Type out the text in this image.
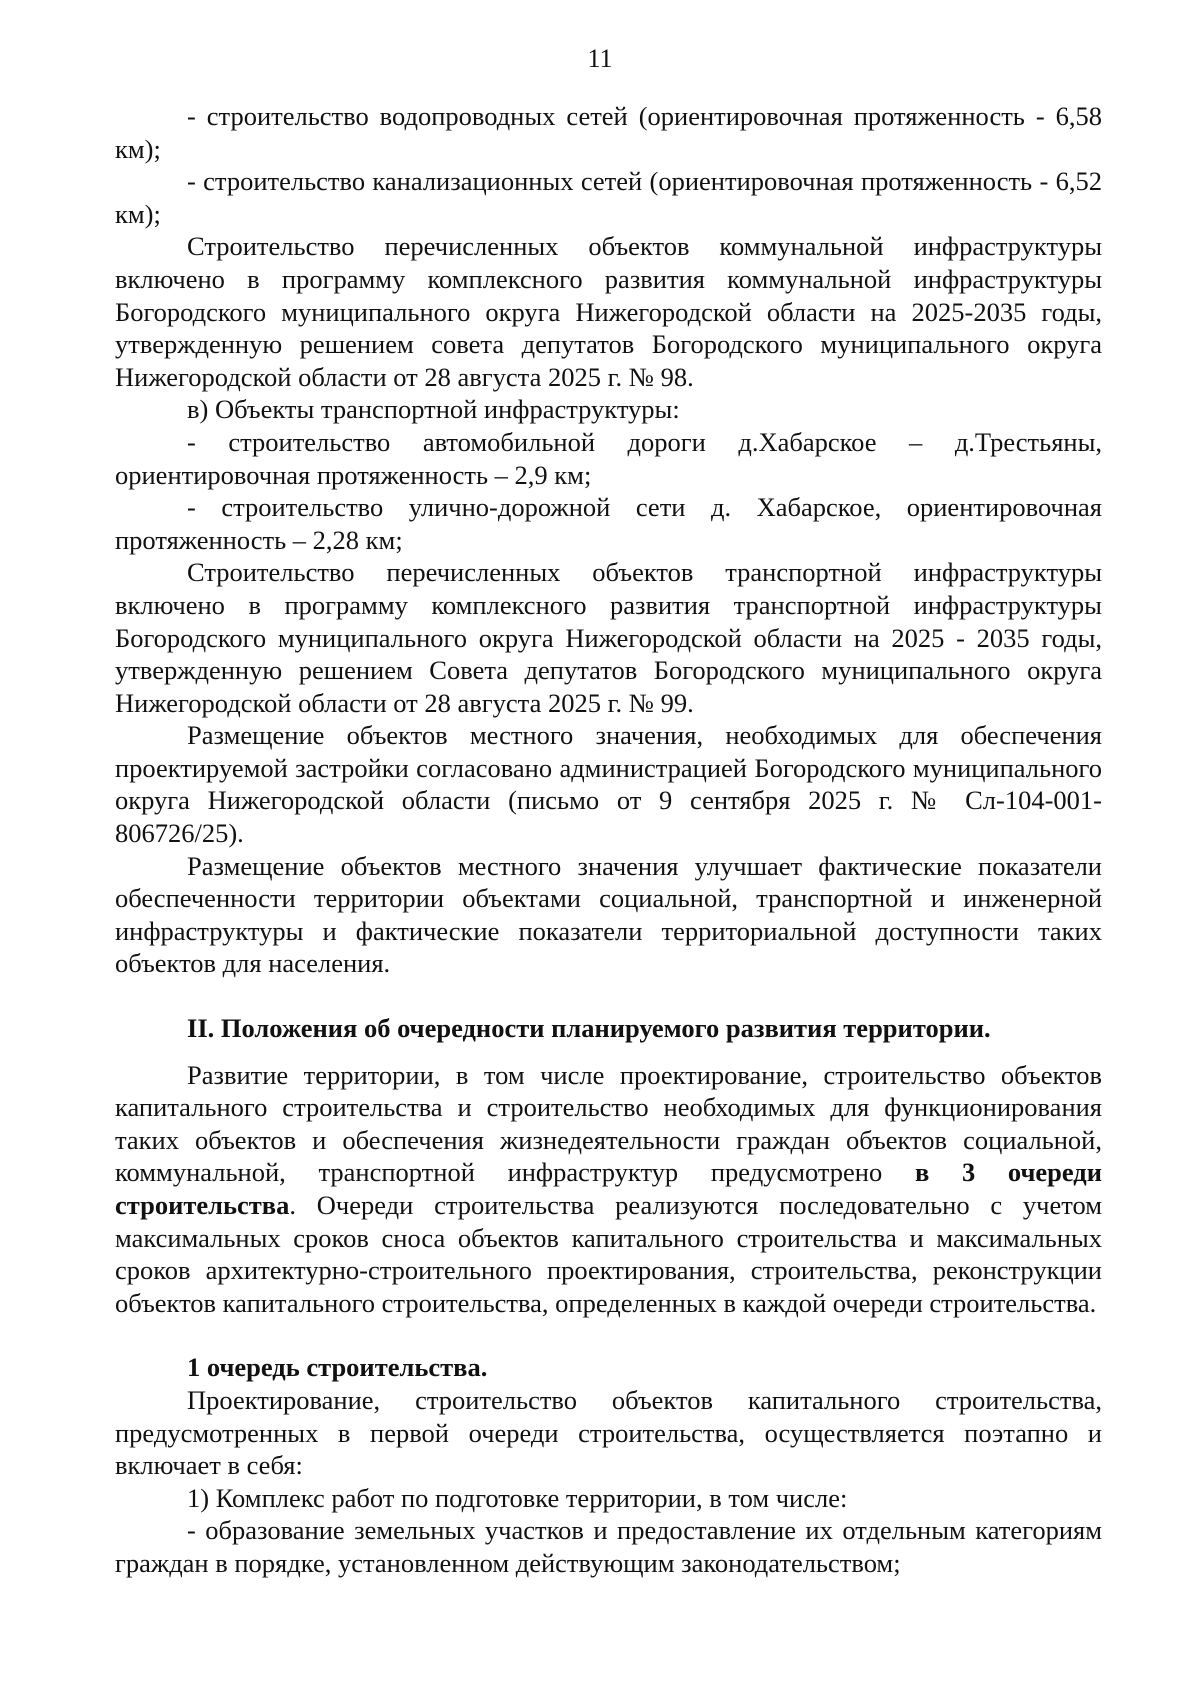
11

- строительство водопроводных сетей (ориентировочная протяженность - 6,58 км);

- строительство канализационных сетей (ориентировочная протяженность - 6,52 км);

Строительство перечисленных объектов коммунальной инфраструктуры включено в программу комплексного развития коммунальной инфраструктуры Богородского муниципального округа Нижегородской области на 2025-2035 годы, утвержденную решением совета депутатов Богородского муниципального округа Нижегородской области от 28 августа 2025 г. № 98.

в) Объекты транспортной инфраструктуры:

- строительство автомобильной дороги д.Хабарское – д.Трестьяны, ориентировочная протяженность – 2,9 км;

- строительство улично-дорожной сети д. Хабарское, ориентировочная протяженность – 2,28 км;

Строительство перечисленных объектов транспортной инфраструктуры включено в программу комплексного развития транспортной инфраструктуры Богородского муниципального округа Нижегородской области на 2025 - 2035 годы, утвержденную решением Совета депутатов Богородского муниципального округа Нижегородской области от 28 августа 2025 г. № 99.

Размещение объектов местного значения, необходимых для обеспечения проектируемой застройки согласовано администрацией Богородского муниципального округа Нижегородской области (письмо от 9 сентября 2025 г. № Сл-104-001-806726/25).

Размещение объектов местного значения улучшает фактические показатели обеспеченности территории объектами социальной, транспортной и инженерной инфраструктуры и фактические показатели территориальной доступности таких объектов для населения.

II. Положения об очередности планируемого развития территории.

Развитие территории, в том числе проектирование, строительство объектов капитального строительства и строительство необходимых для функционирования таких объектов и обеспечения жизнедеятельности граждан объектов социальной, коммунальной, транспортной инфраструктур предусмотрено в 3 очереди строительства. Очереди строительства реализуются последовательно с учетом максимальных сроков сноса объектов капитального строительства и максимальных сроков архитектурно-строительного проектирования, строительства, реконструкции объектов капитального строительства, определенных в каждой очереди строительства.

1 очередь строительства.

Проектирование, строительство объектов капитального строительства, предусмотренных в первой очереди строительства, осуществляется поэтапно и включает в себя:

1) Комплекс работ по подготовке территории, в том числе:

- образование земельных участков и предоставление их отдельным категориям граждан в порядке, установленном действующим законодательством;
